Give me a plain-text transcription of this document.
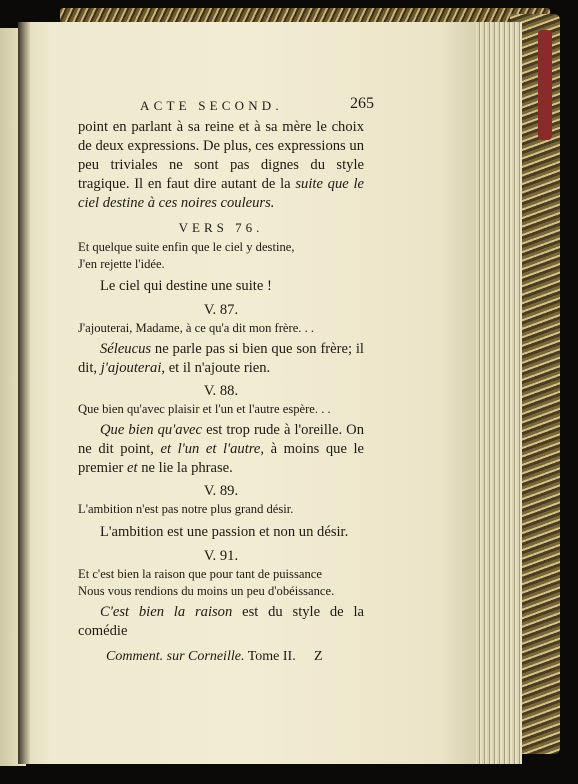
ACTE SECOND.	265

point en parlant à sa reine et à sa mère le choix de deux expressions. De plus, ces expressions un peu triviales ne sont pas dignes du style tragique. Il en faut dire autant de la suite que le ciel destine à ces noires couleurs.

VERS 76.

Et quelque suite enfin que le ciel y destine,

J'en rejette l'idée.

Le ciel qui destine une suite !

V. 87.

J'ajouterai, Madame, à ce qu'a dit mon frère. . .

Séleucus ne parle pas si bien que son frère; il dit, j'ajouterai, et il n'ajoute rien.

V. 88.

Que bien qu'avec plaisir et l'un et l'autre espère. . .

Que bien qu'avec est trop rude à l'oreille. On ne dit point, et l'un et l'autre, à moins que le premier et ne lie la phrase.

V. 89.

L'ambition n'est pas notre plus grand désir.

L'ambition est une passion et non un désir.

V. 91.

Et c'est bien la raison que pour tant de puissance

Nous vous rendions du moins un peu d'obéissance.

C'est bien la raison est du style de la comédie

Comment. sur Corneille. Tome II. Z
